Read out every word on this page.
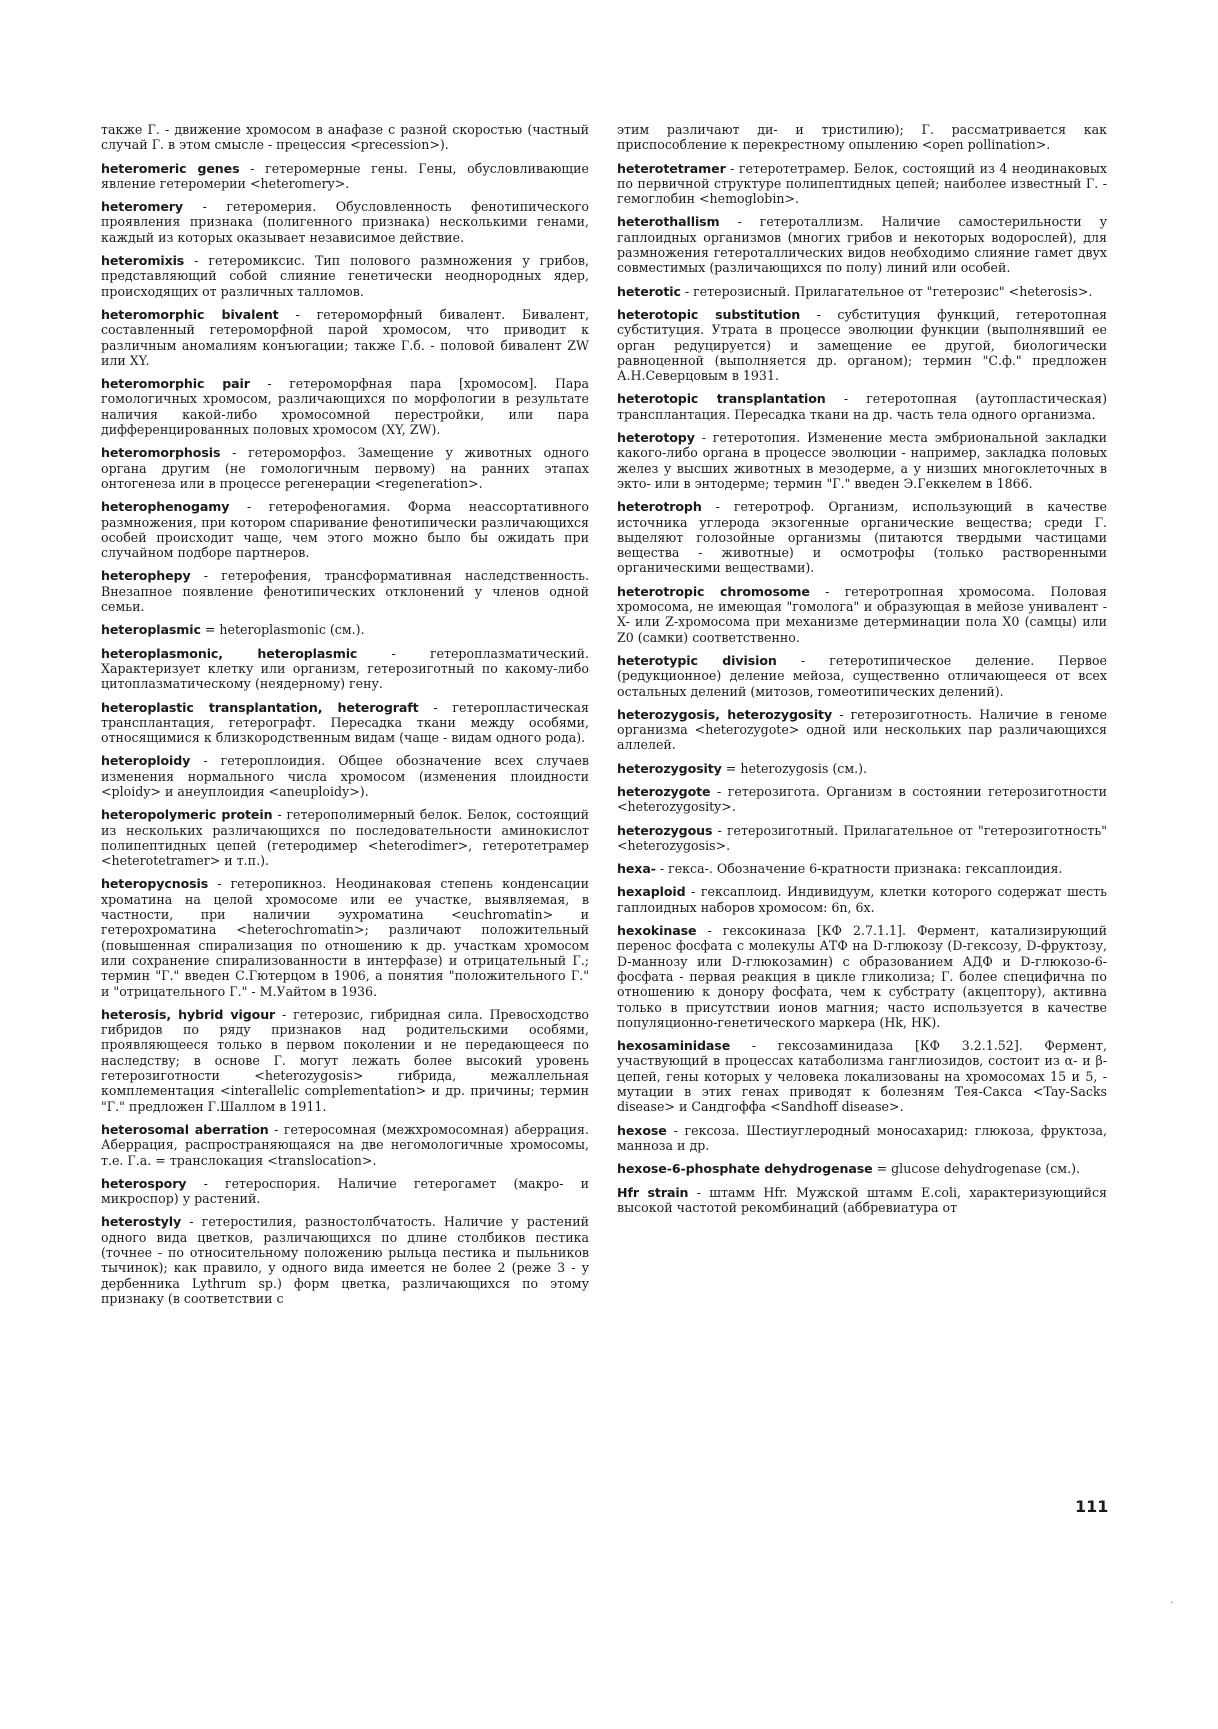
также Г. - движение хромосом в анафазе с разной скоростью (частный случай Г. в этом смысле - прецессия <precession>).

heteromeric genes - гетеромерные гены. Гены, обусловливающие явление гетеромерии <heteromery>.

heteromery - гетеромерия. Обусловленность фенотипического проявления признака (полигенного признака) несколькими генами, каждый из которых оказывает независимое действие.

heteromixis - гетеромиксис. Тип полового размножения у грибов, представляющий собой слияние генетически неоднородных ядер, происходящих от различных талломов.

heteromorphic bivalent - гетероморфный бивалент. Бивалент, составленный гетероморфной парой хромосом, что приводит к различным аномалиям конъюгации; также Г.б. - половой бивалент ZW или XY.

heteromorphic pair - гетероморфная пара [хромосом]. Пара гомологичных хромосом, различающихся по морфологии в результате наличия какой-либо хромосомной перестройки, или пара дифференцированных половых хромосом (XY, ZW).

heteromorphosis - гетероморфоз. Замещение у животных одного органа другим (не гомологичным первому) на ранних этапах онтогенеза или в процессе регенерации <regeneration>.

heterophenogamy - гетерофеногамия. Форма неассортативного размножения, при котором спаривание фенотипически различающихся особей происходит чаще, чем этого можно было бы ожидать при случайном подборе партнеров.

heterophepy - гетерофения, трансформативная наследственность. Внезапное появление фенотипических отклонений у членов одной семьи.

heteroplasmic = heteroplasmonic (см.).

heteroplasmonic, heteroplasmic - гетероплазматический. Характеризует клетку или организм, гетерозиготный по какому-либо цитоплазматическому (неядерному) гену.

heteroplastic transplantation, heterograft - гетеропластическая трансплантация, гетерографт. Пересадка ткани между особями, относящимися к близкородственным видам (чаще - видам одного рода).

heteroploidy - гетероплоидия. Общее обозначение всех случаев изменения нормального числа хромосом (изменения плоидности <ploidy> и анеуплоидия <aneuploidy>).

heteropolymeric protein - гетерополимерный белок. Белок, состоящий из нескольких различающихся по последовательности аминокислот полипептидных цепей (гетеродимер <heterodimer>, гетеротетрамер <heterotetramer> и т.п.).

heteropycnosis - гетеропикноз. Неодинаковая степень конденсации хроматина на целой хромосоме или ее участке, выявляемая, в частности, при наличии эухроматина <euchromatin> и гетерохроматина <heterochromatin>; различают положительный (повышенная спирализация по отношению к др. участкам хромосом или сохранение спирализованности в интерфазе) и отрицательный Г.; термин "Г." введен С.Гютерцом в 1906, а понятия "положительного Г." и "отрицательного Г." - М.Уайтом в 1936.

heterosis, hybrid vigour - гетерозис, гибридная сила. Превосходство гибридов по ряду признаков над родительскими особями, проявляющееся только в первом поколении и не передающееся по наследству; в основе Г. могут лежать более высокий уровень гетерозиготности <heterozygosis> гибрида, межаллельная комплементация <interallelic complementation> и др. причины; термин "Г." предложен Г.Шаллом в 1911.

heterosomal aberration - гетеросомная (межхромосомная) аберрация. Аберрация, распространяющаяся на две негомологичные хромосомы, т.е. Г.а. = транслокация <translocation>.

heterospory - гетероспория. Наличие гетерогамет (макро- и микроспор) у растений.

heterostyly - гетеростилия, разностолбчатость. Наличие у растений одного вида цветков, различающихся по длине столбиков пестика (точнее - по относительному положению рыльца пестика и пыльников тычинок); как правило, у одного вида имеется не более 2 (реже 3 - у дербенника Lythrum sp.) форм цветка, различающихся по этому признаку (в соответствии с

этим различают ди- и тристилию); Г. рассматривается как приспособление к перекрестному опылению <open pollination>.

heterotetramer - гетеротетрамер. Белок, состоящий из 4 неодинаковых по первичной структуре полипептидных цепей; наиболее известный Г. - гемоглобин <hemoglobin>.

heterothallism - гетероталлизм. Наличие самостерильности у гаплоидных организмов (многих грибов и некоторых водорослей), для размножения гетероталлических видов необходимо слияние гамет двух совместимых (различающихся по полу) линий или особей.

heterotic - гетерозисный. Прилагательное от "гетерозис" <heterosis>.

heterotopic substitution - субституция функций, гетеротопная субституция. Утрата в процессе эволюции функции (выполнявший ее орган редуцируется) и замещение ее другой, биологически равноценной (выполняется др. органом); термин "С.ф." предложен А.Н.Северцовым в 1931.

heterotopic transplantation - гетеротопная (аутопластическая) трансплантация. Пересадка ткани на др. часть тела одного организма.

heterotopy - гетеротопия. Изменение места эмбриональной закладки какого-либо органа в процессе эволюции - например, закладка половых желез у высших животных в мезодерме, а у низших многоклеточных в экто- или в энтодерме; термин "Г." введен Э.Геккелем в 1866.

heterotroph - гетеротроф. Организм, использующий в качестве источника углерода экзогенные органические вещества; среди Г. выделяют голозойные организмы (питаются твердыми частицами вещества - животные) и осмотрофы (только растворенными органическими веществами).

heterotropic chromosome - гетеротропная хромосома. Половая хромосома, не имеющая "гомолога" и образующая в мейозе унивалент - X- или Z-хромосома при механизме детерминации пола X0 (самцы) или Z0 (самки) соответственно.

heterotypic division - гетеротипическое деление. Первое (редукционное) деление мейоза, существенно отличающееся от всех остальных делений (митозов, гомеотипических делений).

heterozygosis, heterozygosity - гетерозиготность. Наличие в геноме организма <heterozygote> одной или нескольких пар различающихся аллелей.

heterozygosity = heterozygosis (см.).

heterozygote - гетерозигота. Организм в состоянии гетерозиготности <heterozygosity>.

heterozygous - гетерозиготный. Прилагательное от "гетерозиготность" <heterozygosis>.

hexa- - гекса-. Обозначение 6-кратности признака: гексаплоидия.

hexaploid - гексаплоид. Индивидуум, клетки которого содержат шесть гаплоидных наборов хромосом: 6n, 6x.

hexokinase - гексокиназа [КФ 2.7.1.1]. Фермент, катализирующий перенос фосфата с молекулы АТФ на D-глюкозу (D-гексозу, D-фруктозу, D-маннозу или D-глюкозамин) с образованием АДФ и D-глюкозо-6-фосфата - первая реакция в цикле гликолиза; Г. более специфична по отношению к донору фосфата, чем к субстрату (акцептору), активна только в присутствии ионов магния; часто используется в качестве популяционно-генетического маркера (Hk, HK).

hexosaminidase - гексозаминидаза [КФ 3.2.1.52]. Фермент, участвующий в процессах катаболизма ганглиозидов, состоит из α- и β-цепей, гены которых у человека локализованы на хромосомах 15 и 5, - мутации в этих генах приводят к болезням Тея-Сакса <Tay-Sacks disease> и Сандгоффа <Sandhoff disease>.

hexose - гексоза. Шестиуглеродный моносахарид: глюкоза, фруктоза, манноза и др.

hexose-6-phosphate dehydrogenase = glucose dehydrogenase (см.).

Hfr strain - штамм Hfr. Мужской штамм E.coli, характеризующийся высокой частотой рекомбинаций (аббревиатура от

111
·
